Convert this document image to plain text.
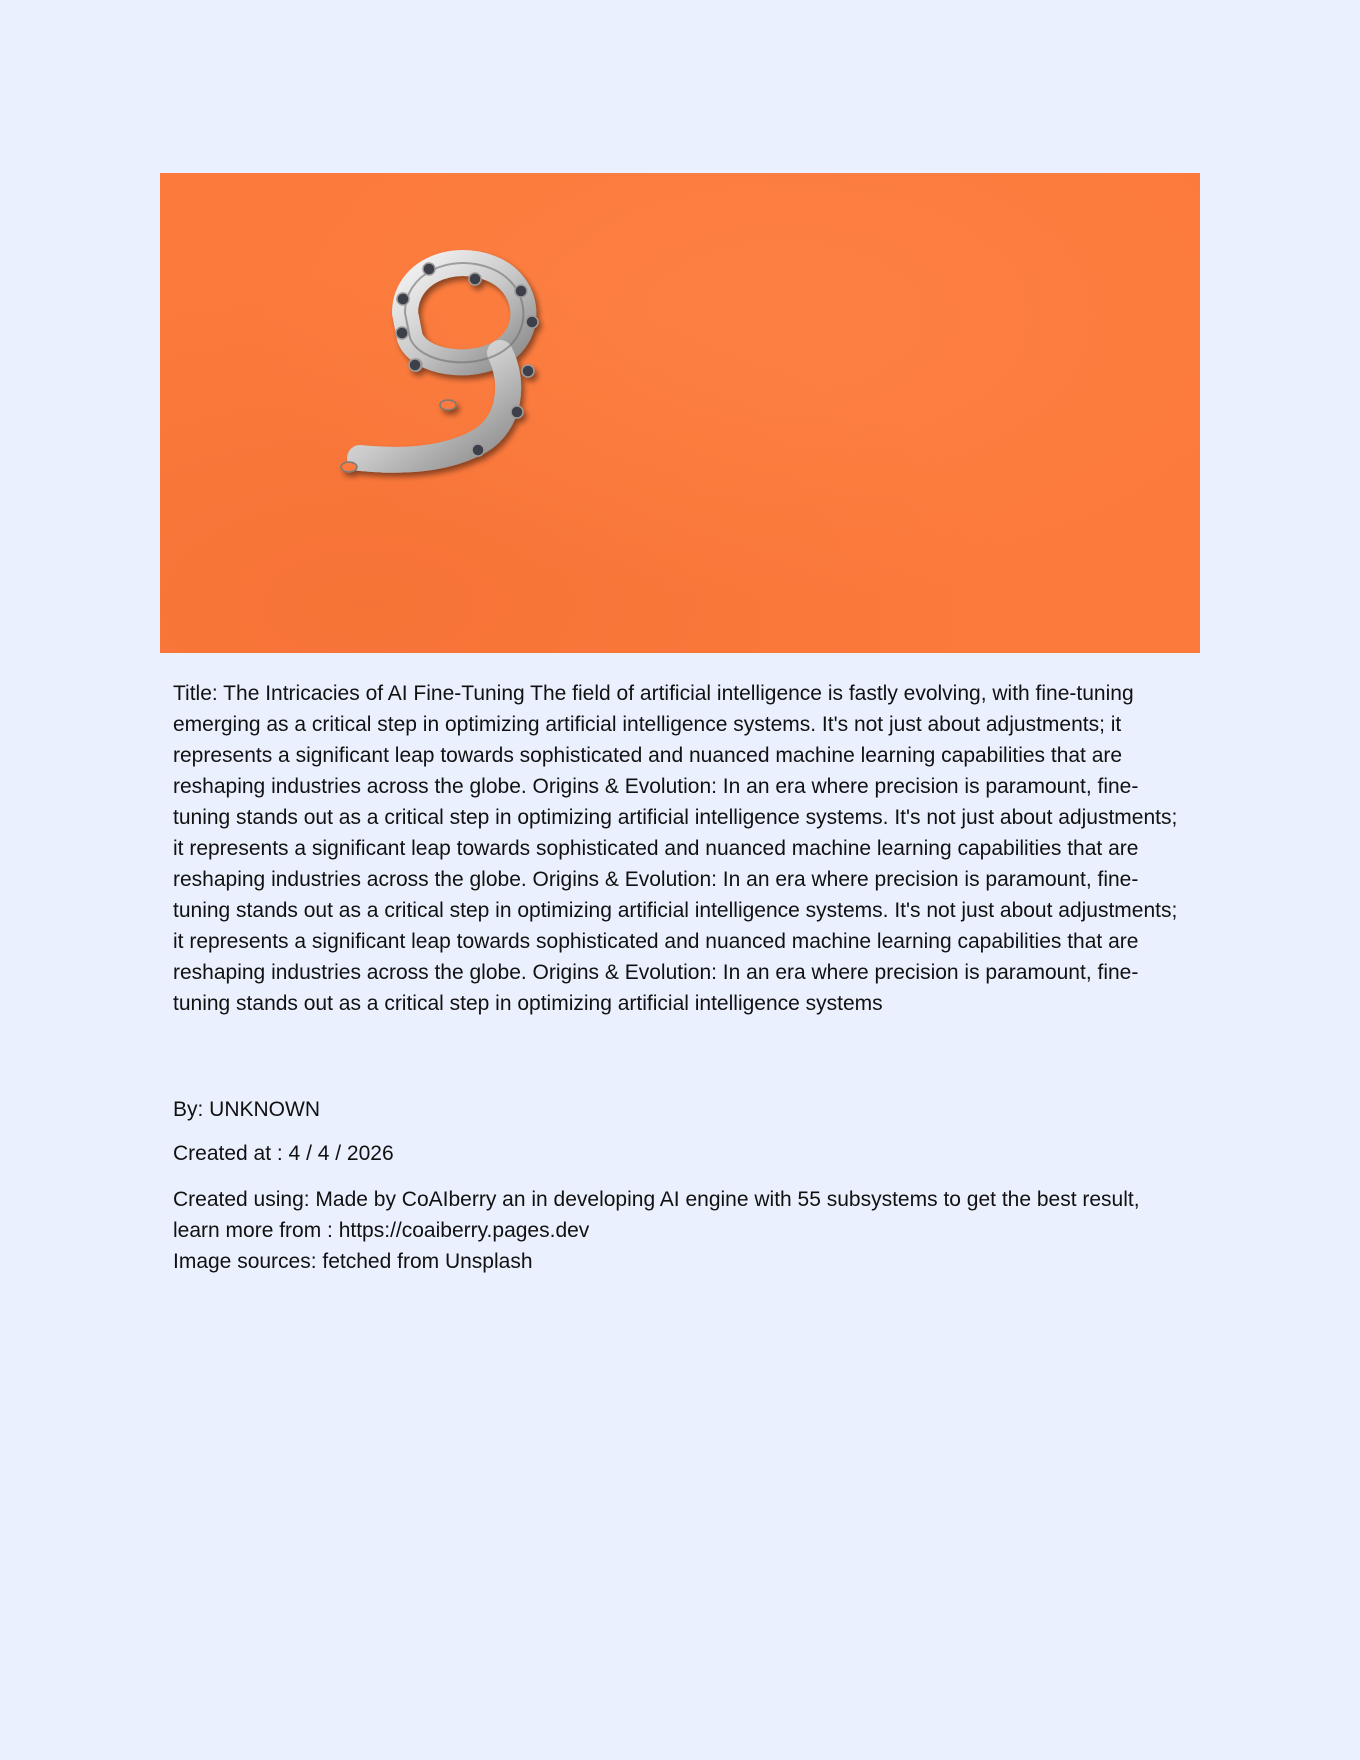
Title: The Intricacies of AI Fine-Tuning The field of artificial intelligence is fastly evolving, with fine-tuning emerging as a critical step in optimizing artificial intelligence systems. It's not just about adjustments; it represents a significant leap towards sophisticated and nuanced machine learning capabilities that are reshaping industries across the globe. Origins & Evolution: In an era where precision is paramount, fine-tuning stands out as a critical step in optimizing artificial intelligence systems. It's not just about adjustments; it represents a significant leap towards sophisticated and nuanced machine learning capabilities that are reshaping industries across the globe. Origins & Evolution: In an era where precision is paramount, fine-tuning stands out as a critical step in optimizing artificial intelligence systems. It's not just about adjustments; it represents a significant leap towards sophisticated and nuanced machine learning capabilities that are reshaping industries across the globe. Origins & Evolution: In an era where precision is paramount, fine-tuning stands out as a critical step in optimizing artificial intelligence systems

By: UNKNOWN

Created at : 4 / 4 / 2026

Created using: Made by CoAIberry an in developing AI engine with 55 subsystems to get the best result, learn more from : https://coaiberry.pages.dev
Image sources: fetched from Unsplash
